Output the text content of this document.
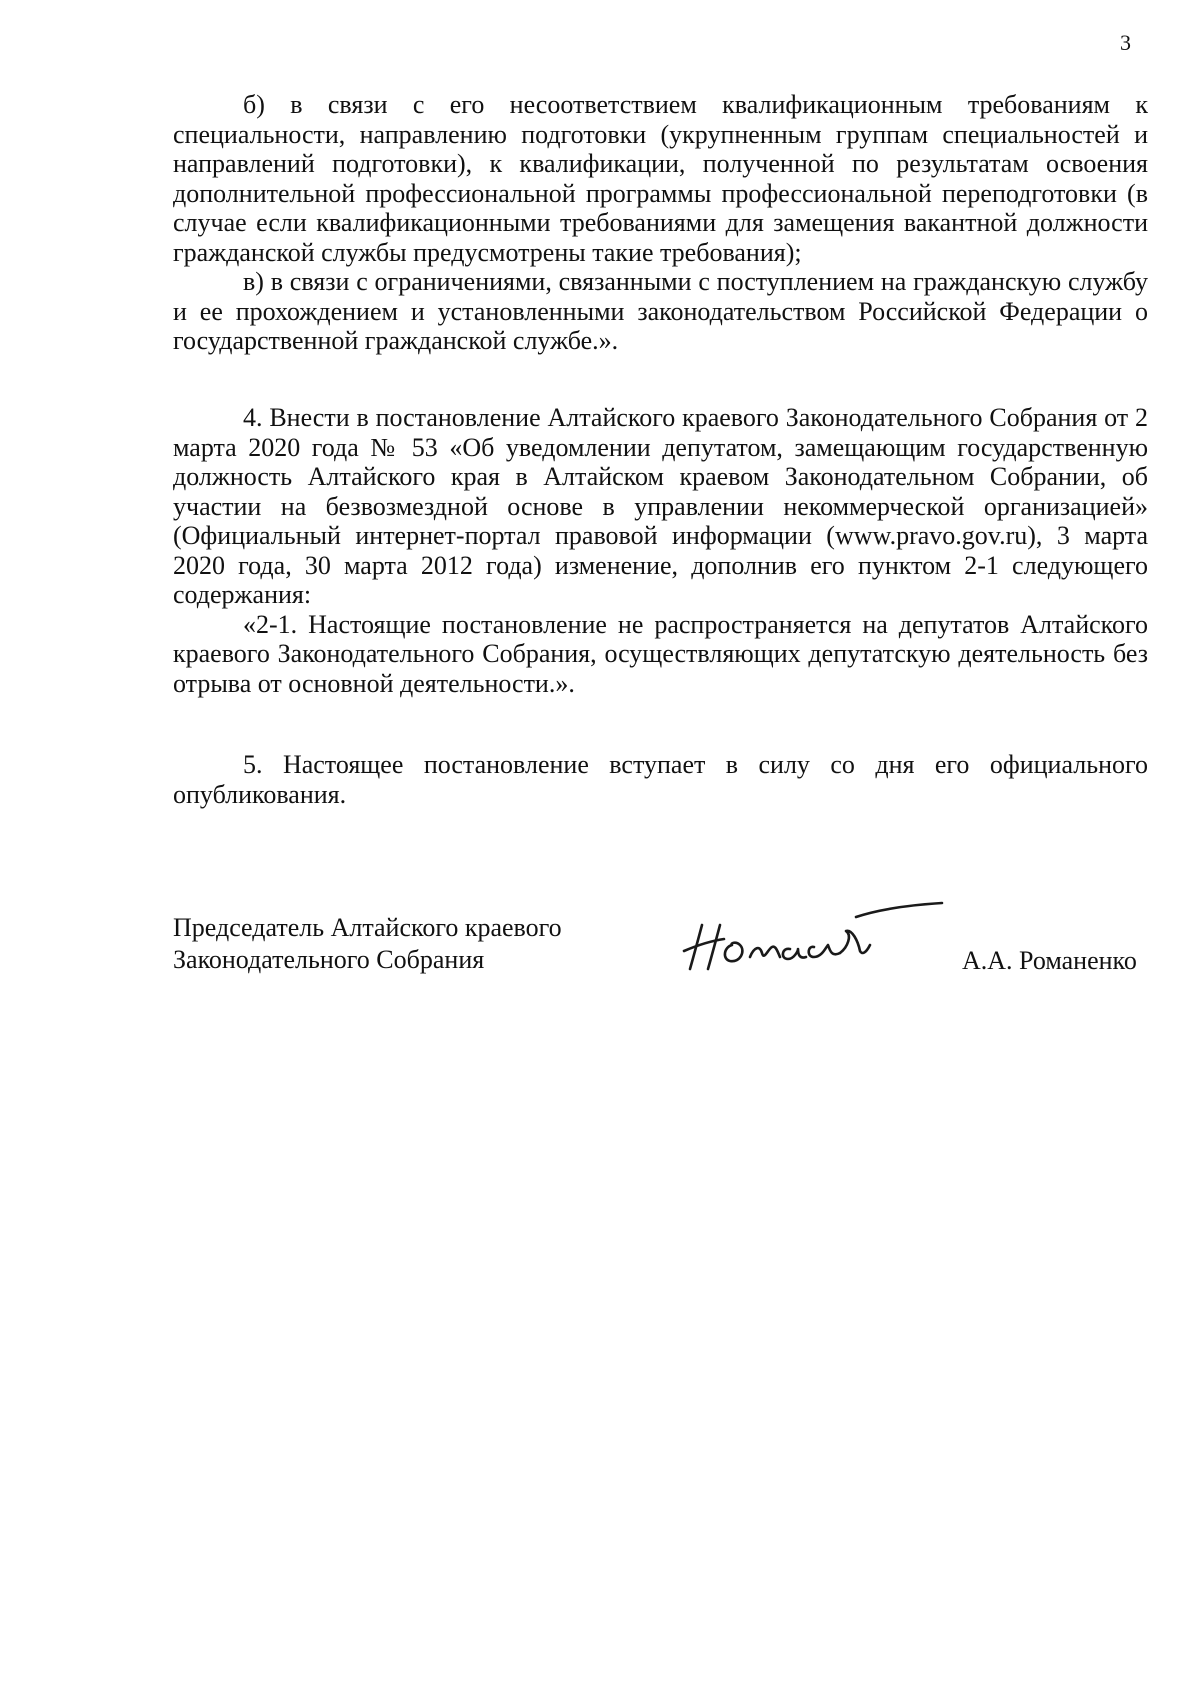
3

б) в связи с его несоответствием квалификационным требованиям к специальности, направлению подготовки (укрупненным группам специальностей и направлений подготовки), к квалификации, полученной по результатам освоения дополнительной профессиональной программы профессиональной переподготовки (в случае если квалификационными требованиями для замещения вакантной должности гражданской службы предусмотрены такие требования);

в) в связи с ограничениями, связанными с поступлением на гражданскую службу и ее прохождением и установленными законодательством Российской Федерации о государственной гражданской службе.».

4. Внести в постановление Алтайского краевого Законодательного Собрания от 2 марта 2020 года № 53 «Об уведомлении депутатом, замещающим государственную должность Алтайского края в Алтайском краевом Законодательном Собрании, об участии на безвозмездной основе в управлении некоммерческой организацией» (Официальный интернет-портал правовой информации (www.pravo.gov.ru), 3 марта 2020 года, 30 марта 2012 года) изменение, дополнив его пунктом 2-1 следующего содержания:

«2-1. Настоящие постановление не распространяется на депутатов Алтайского краевого Законодательного Собрания, осуществляющих депутатскую деятельность без отрыва от основной деятельности.».

5. Настоящее постановление вступает в силу со дня его официального опубликования.

Председатель Алтайского краевого
Законодательного Собрания	А.А. Романенко
